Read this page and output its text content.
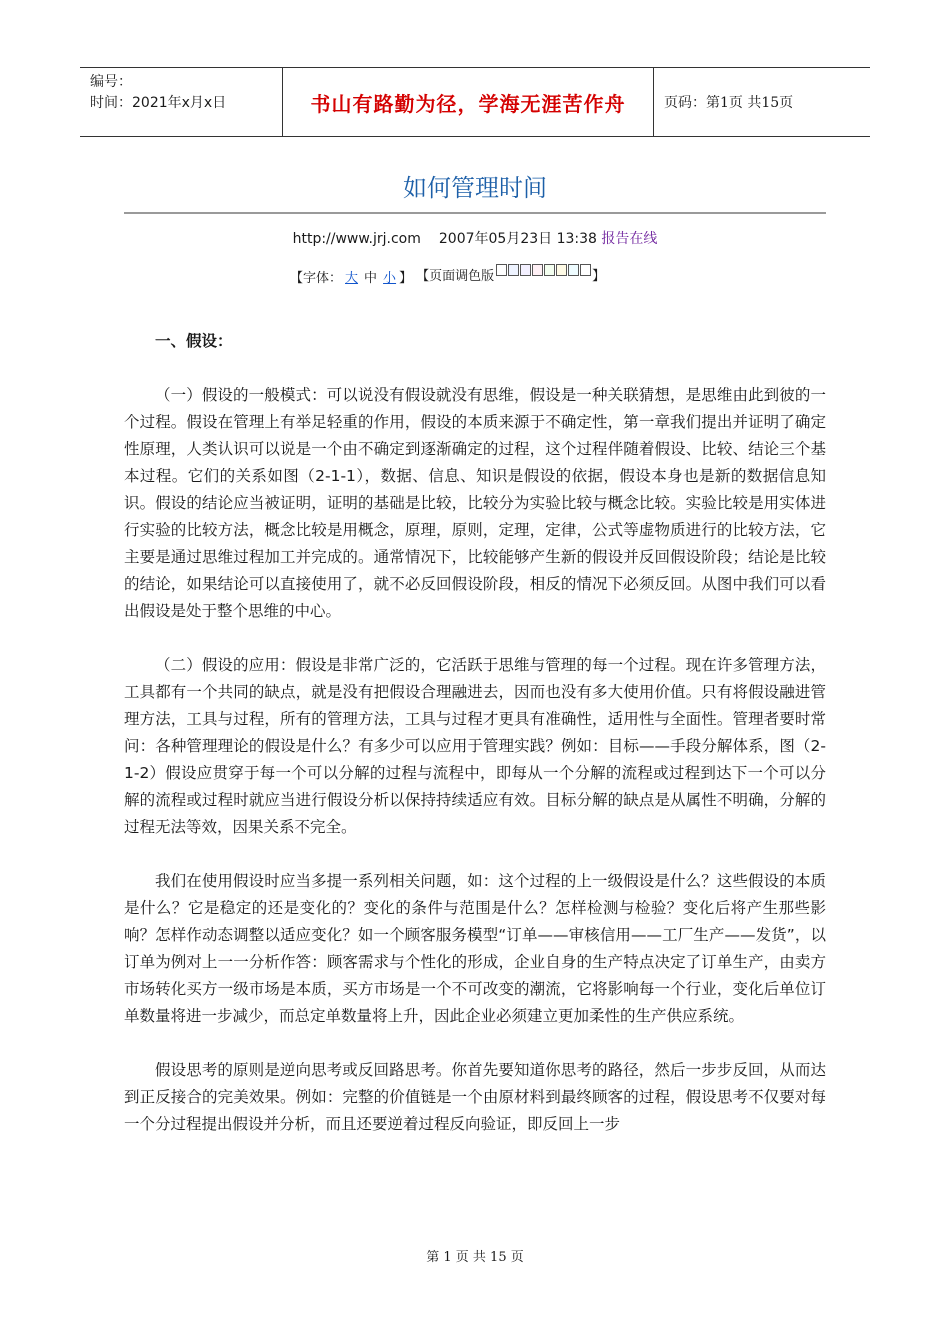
编号：
时间：2021年x月x日	书山有路勤为径，学海无涯苦作舟	页码：第1页 共15页
如何管理时间
http://www.jrj.com 2007年05月23日 13:38 报告在线
【字体： 大 中 小 】 【页面调色版	】
一、假设：

（一）假设的一般模式：可以说没有假设就没有思维，假设是一种关联猜想，是思维由此到彼的一个过程。假设在管理上有举足轻重的作用，假设的本质来源于不确定性，第一章我们提出并证明了确定性原理，人类认识可以说是一个由不确定到逐渐确定的过程，这个过程伴随着假设、比较、结论三个基本过程。它们的关系如图（2-1-1），数据、信息、知识是假设的依据，假设本身也是新的数据信息知识。假设的结论应当被证明，证明的基础是比较，比较分为实验比较与概念比较。实验比较是用实体进行实验的比较方法，概念比较是用概念，原理，原则，定理，定律，公式等虚物质进行的比较方法，它主要是通过思维过程加工并完成的。通常情况下，比较能够产生新的假设并反回假设阶段；结论是比较的结论，如果结论可以直接使用了，就不必反回假设阶段，相反的情况下必须反回。从图中我们可以看出假设是处于整个思维的中心。

（二）假设的应用：假设是非常广泛的，它活跃于思维与管理的每一个过程。现在许多管理方法，工具都有一个共同的缺点，就是没有把假设合理融进去，因而也没有多大使用价值。只有将假设融进管理方法，工具与过程，所有的管理方法，工具与过程才更具有准确性，适用性与全面性。管理者要时常问：各种管理理论的假设是什么？有多少可以应用于管理实践？例如：目标——手段分解体系，图（2-1-2）假设应贯穿于每一个可以分解的过程与流程中，即每从一个分解的流程或过程到达下一个可以分解的流程或过程时就应当进行假设分析以保持持续适应有效。目标分解的缺点是从属性不明确，分解的过程无法等效，因果关系不完全。

我们在使用假设时应当多提一系列相关问题，如：这个过程的上一级假设是什么？这些假设的本质是什么？它是稳定的还是变化的？变化的条件与范围是什么？怎样检测与检验？变化后将产生那些影响？怎样作动态调整以适应变化？如一个顾客服务模型“订单——审核信用——工厂生产——发货”，以订单为例对上一一分析作答：顾客需求与个性化的形成，企业自身的生产特点决定了订单生产，由卖方市场转化买方一级市场是本质，买方市场是一个不可改变的潮流，它将影响每一个行业，变化后单位订单数量将进一步减少，而总定单数量将上升，因此企业必须建立更加柔性的生产供应系统。

假设思考的原则是逆向思考或反回路思考。你首先要知道你思考的路径，然后一步步反回，从而达到正反接合的完美效果。例如：完整的价值链是一个由原材料到最终顾客的过程，假设思考不仅要对每一个分过程提出假设并分析，而且还要逆着过程反向验证，即反回上一步

第 1 页 共 15 页
